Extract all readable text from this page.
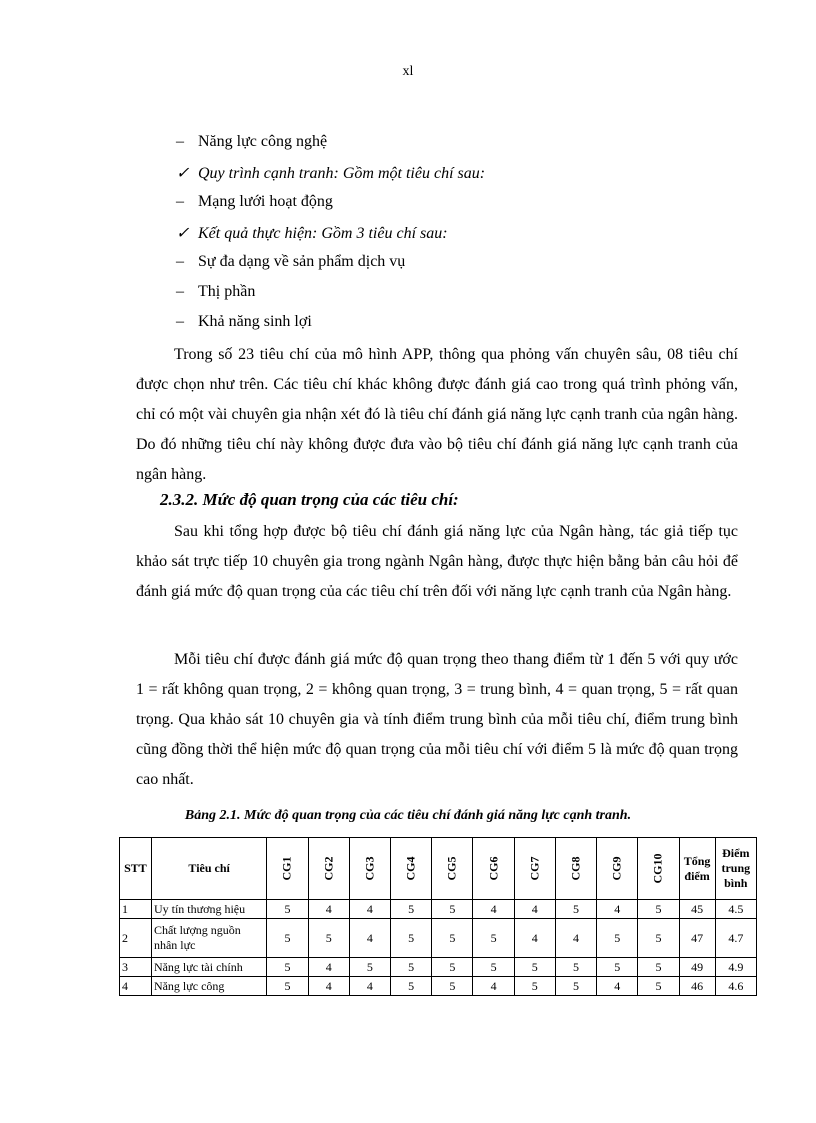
xl
– Năng lực công nghệ
✓ Quy trình cạnh tranh: Gồm một tiêu chí sau:
– Mạng lưới hoạt động
✓ Kết quả thực hiện: Gồm 3 tiêu chí sau:
– Sự đa dạng về sản phẩm dịch vụ
– Thị phần
– Khả năng sinh lợi

Trong số 23 tiêu chí của mô hình APP, thông qua phỏng vấn chuyên sâu, 08 tiêu chí được chọn như trên. Các tiêu chí khác không được đánh giá cao trong quá trình phỏng vấn, chỉ có một vài chuyên gia nhận xét đó là tiêu chí đánh giá năng lực cạnh tranh của ngân hàng. Do đó những tiêu chí này không được đưa vào bộ tiêu chí đánh giá năng lực cạnh tranh của ngân hàng.

2.3.2. Mức độ quan trọng của các tiêu chí:

Sau khi tổng hợp được bộ tiêu chí đánh giá năng lực của Ngân hàng, tác giả tiếp tục khảo sát trực tiếp 10 chuyên gia trong ngành Ngân hàng, được thực hiện bằng bản câu hỏi để đánh giá mức độ quan trọng của các tiêu chí trên đối với năng lực cạnh tranh của Ngân hàng.

Mỗi tiêu chí được đánh giá mức độ quan trọng theo thang điểm từ 1 đến 5 với quy ước 1 = rất không quan trọng, 2 = không quan trọng, 3 = trung bình, 4 = quan trọng, 5 = rất quan trọng. Qua khảo sát 10 chuyên gia và tính điểm trung bình của mỗi tiêu chí, điểm trung bình cũng đồng thời thể hiện mức độ quan trọng của mỗi tiêu chí với điểm 5 là mức độ quan trọng cao nhất.

Bảng 2.1. Mức độ quan trọng của các tiêu chí đánh giá năng lực cạnh tranh.
STT	Tiêu chí	CG1	CG2	CG3	CG4	CG5	CG6	CG7	CG8	CG9	CG10	Tổng điểm	Điểm trung bình
1	Uy tín thương hiệu	5	4	4	5	5	4	4	5	4	5	45	4.5
2	Chất lượng nguồn nhân lực	5	5	4	5	5	5	4	4	5	5	47	4.7
3	Năng lực tài chính	5	4	5	5	5	5	5	5	5	5	49	4.9
4	Năng lực công	5	4	4	5	5	4	5	5	4	5	46	4.6
